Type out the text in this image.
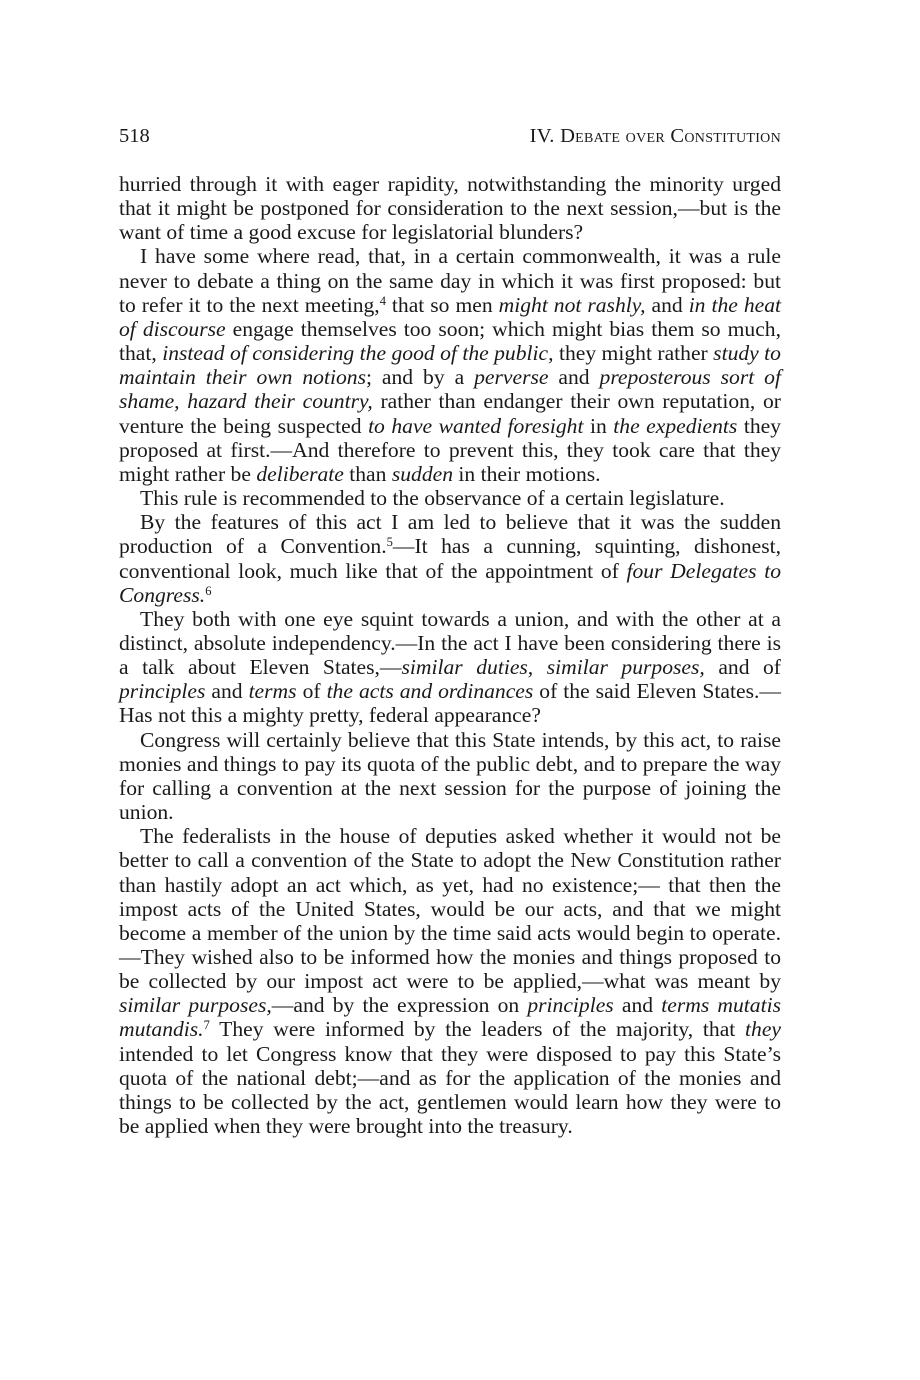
518	IV. Debate over Constitution

hurried through it with eager rapidity, notwithstanding the minority urged that it might be postponed for consideration to the next session,—but is the want of time a good excuse for legislatorial blunders?

I have some where read, that, in a certain commonwealth, it was a rule never to debate a thing on the same day in which it was first proposed: but to refer it to the next meeting,$^4$ that so men might not rashly, and in the heat of discourse engage themselves too soon; which might bias them so much, that, instead of considering the good of the public, they might rather study to maintain their own notions; and by a perverse and preposterous sort of shame, hazard their country, rather than endanger their own reputation, or venture the being suspected to have wanted foresight in the expedients they proposed at first.—And therefore to prevent this, they took care that they might rather be deliberate than sudden in their motions.

This rule is recommended to the observance of a certain legislature.

By the features of this act I am led to believe that it was the sudden production of a Convention.$^5$—It has a cunning, squinting, dishonest, conventional look, much like that of the appointment of four Delegates to Congress.$^6$

They both with one eye squint towards a union, and with the other at a distinct, absolute independency.—In the act I have been considering there is a talk about Eleven States,—similar duties, similar purposes, and of principles and terms of the acts and ordinances of the said Eleven States.—Has not this a mighty pretty, federal appearance?

Congress will certainly believe that this State intends, by this act, to raise monies and things to pay its quota of the public debt, and to prepare the way for calling a convention at the next session for the purpose of joining the union.

The federalists in the house of deputies asked whether it would not be better to call a convention of the State to adopt the New Constitution rather than hastily adopt an act which, as yet, had no existence;— that then the impost acts of the United States, would be our acts, and that we might become a member of the union by the time said acts would begin to operate.—They wished also to be informed how the monies and things proposed to be collected by our impost act were to be applied,—what was meant by similar purposes,—and by the expression on principles and terms mutatis mutandis.$^7$ They were informed by the leaders of the majority, that they intended to let Congress know that they were disposed to pay this State’s quota of the national debt;—and as for the application of the monies and things to be collected by the act, gentlemen would learn how they were to be applied when they were brought into the treasury.
